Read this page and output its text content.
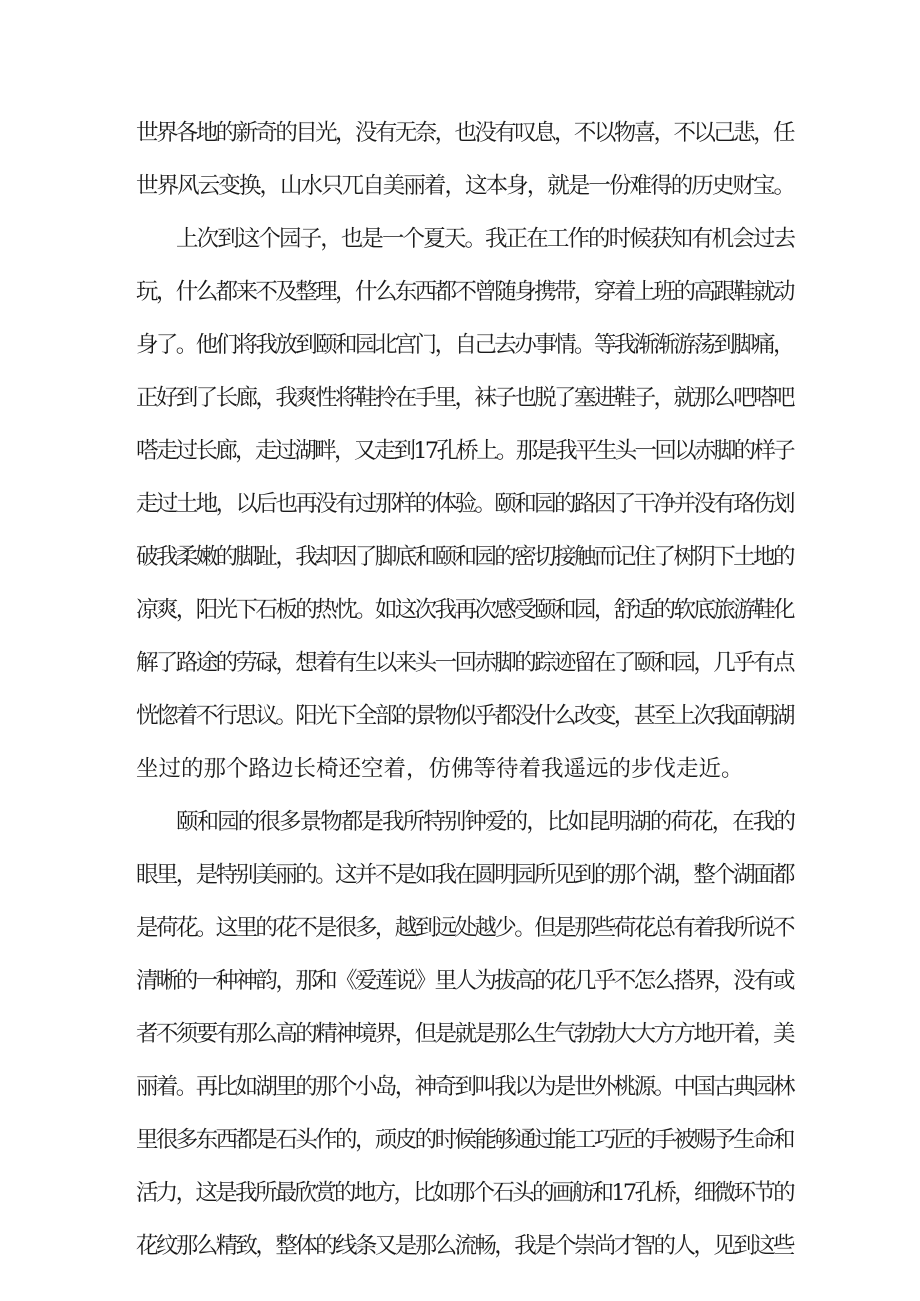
世界各地的新奇的目光，没有无奈，也没有叹息，不以物喜，不以己悲，任

世界风云变换，山水只兀自美丽着，这本身，就是一份难得的历史财宝。

上次到这个园子，也是一个夏天。我正在工作的时候获知有机会过去

玩，什么都来不及整理，什么东西都不曾随身携带，穿着上班的高跟鞋就动

身了。他们将我放到颐和园北宫门，自己去办事情。等我渐渐游荡到脚痛，

正好到了长廊，我爽性将鞋拎在手里，袜子也脱了塞进鞋子，就那么吧嗒吧

嗒走过长廊，走过湖畔，又走到17孔桥上。那是我平生头一回以赤脚的样子

走过土地，以后也再没有过那样的体验。颐和园的路因了干净并没有珞伤划

破我柔嫩的脚趾，我却因了脚底和颐和园的密切接触而记住了树阴下土地的

凉爽，阳光下石板的热忱。如这次我再次感受颐和园，舒适的软底旅游鞋化

解了路途的劳碌，想着有生以来头一回赤脚的踪迹留在了颐和园，几乎有点

恍惚着不行思议。阳光下全部的景物似乎都没什么改变，甚至上次我面朝湖

坐过的那个路边长椅还空着，仿佛等待着我遥远的步伐走近。

颐和园的很多景物都是我所特别钟爱的，比如昆明湖的荷花，在我的

眼里，是特别美丽的。这并不是如我在圆明园所见到的那个湖，整个湖面都

是荷花。这里的花不是很多，越到远处越少。但是那些荷花总有着我所说不

清晰的一种神韵，那和《爱莲说》里人为拔高的花几乎不怎么搭界，没有或

者不须要有那么高的精神境界，但是就是那么生气勃勃大大方方地开着，美

丽着。再比如湖里的那个小岛，神奇到叫我以为是世外桃源。中国古典园林

里很多东西都是石头作的，顽皮的时候能够通过能工巧匠的手被赐予生命和

活力，这是我所最欣赏的地方，比如那个石头的画舫和17孔桥，细微环节的

花纹那么精致，整体的线条又是那么流畅，我是个崇尚才智的人，见到这些
